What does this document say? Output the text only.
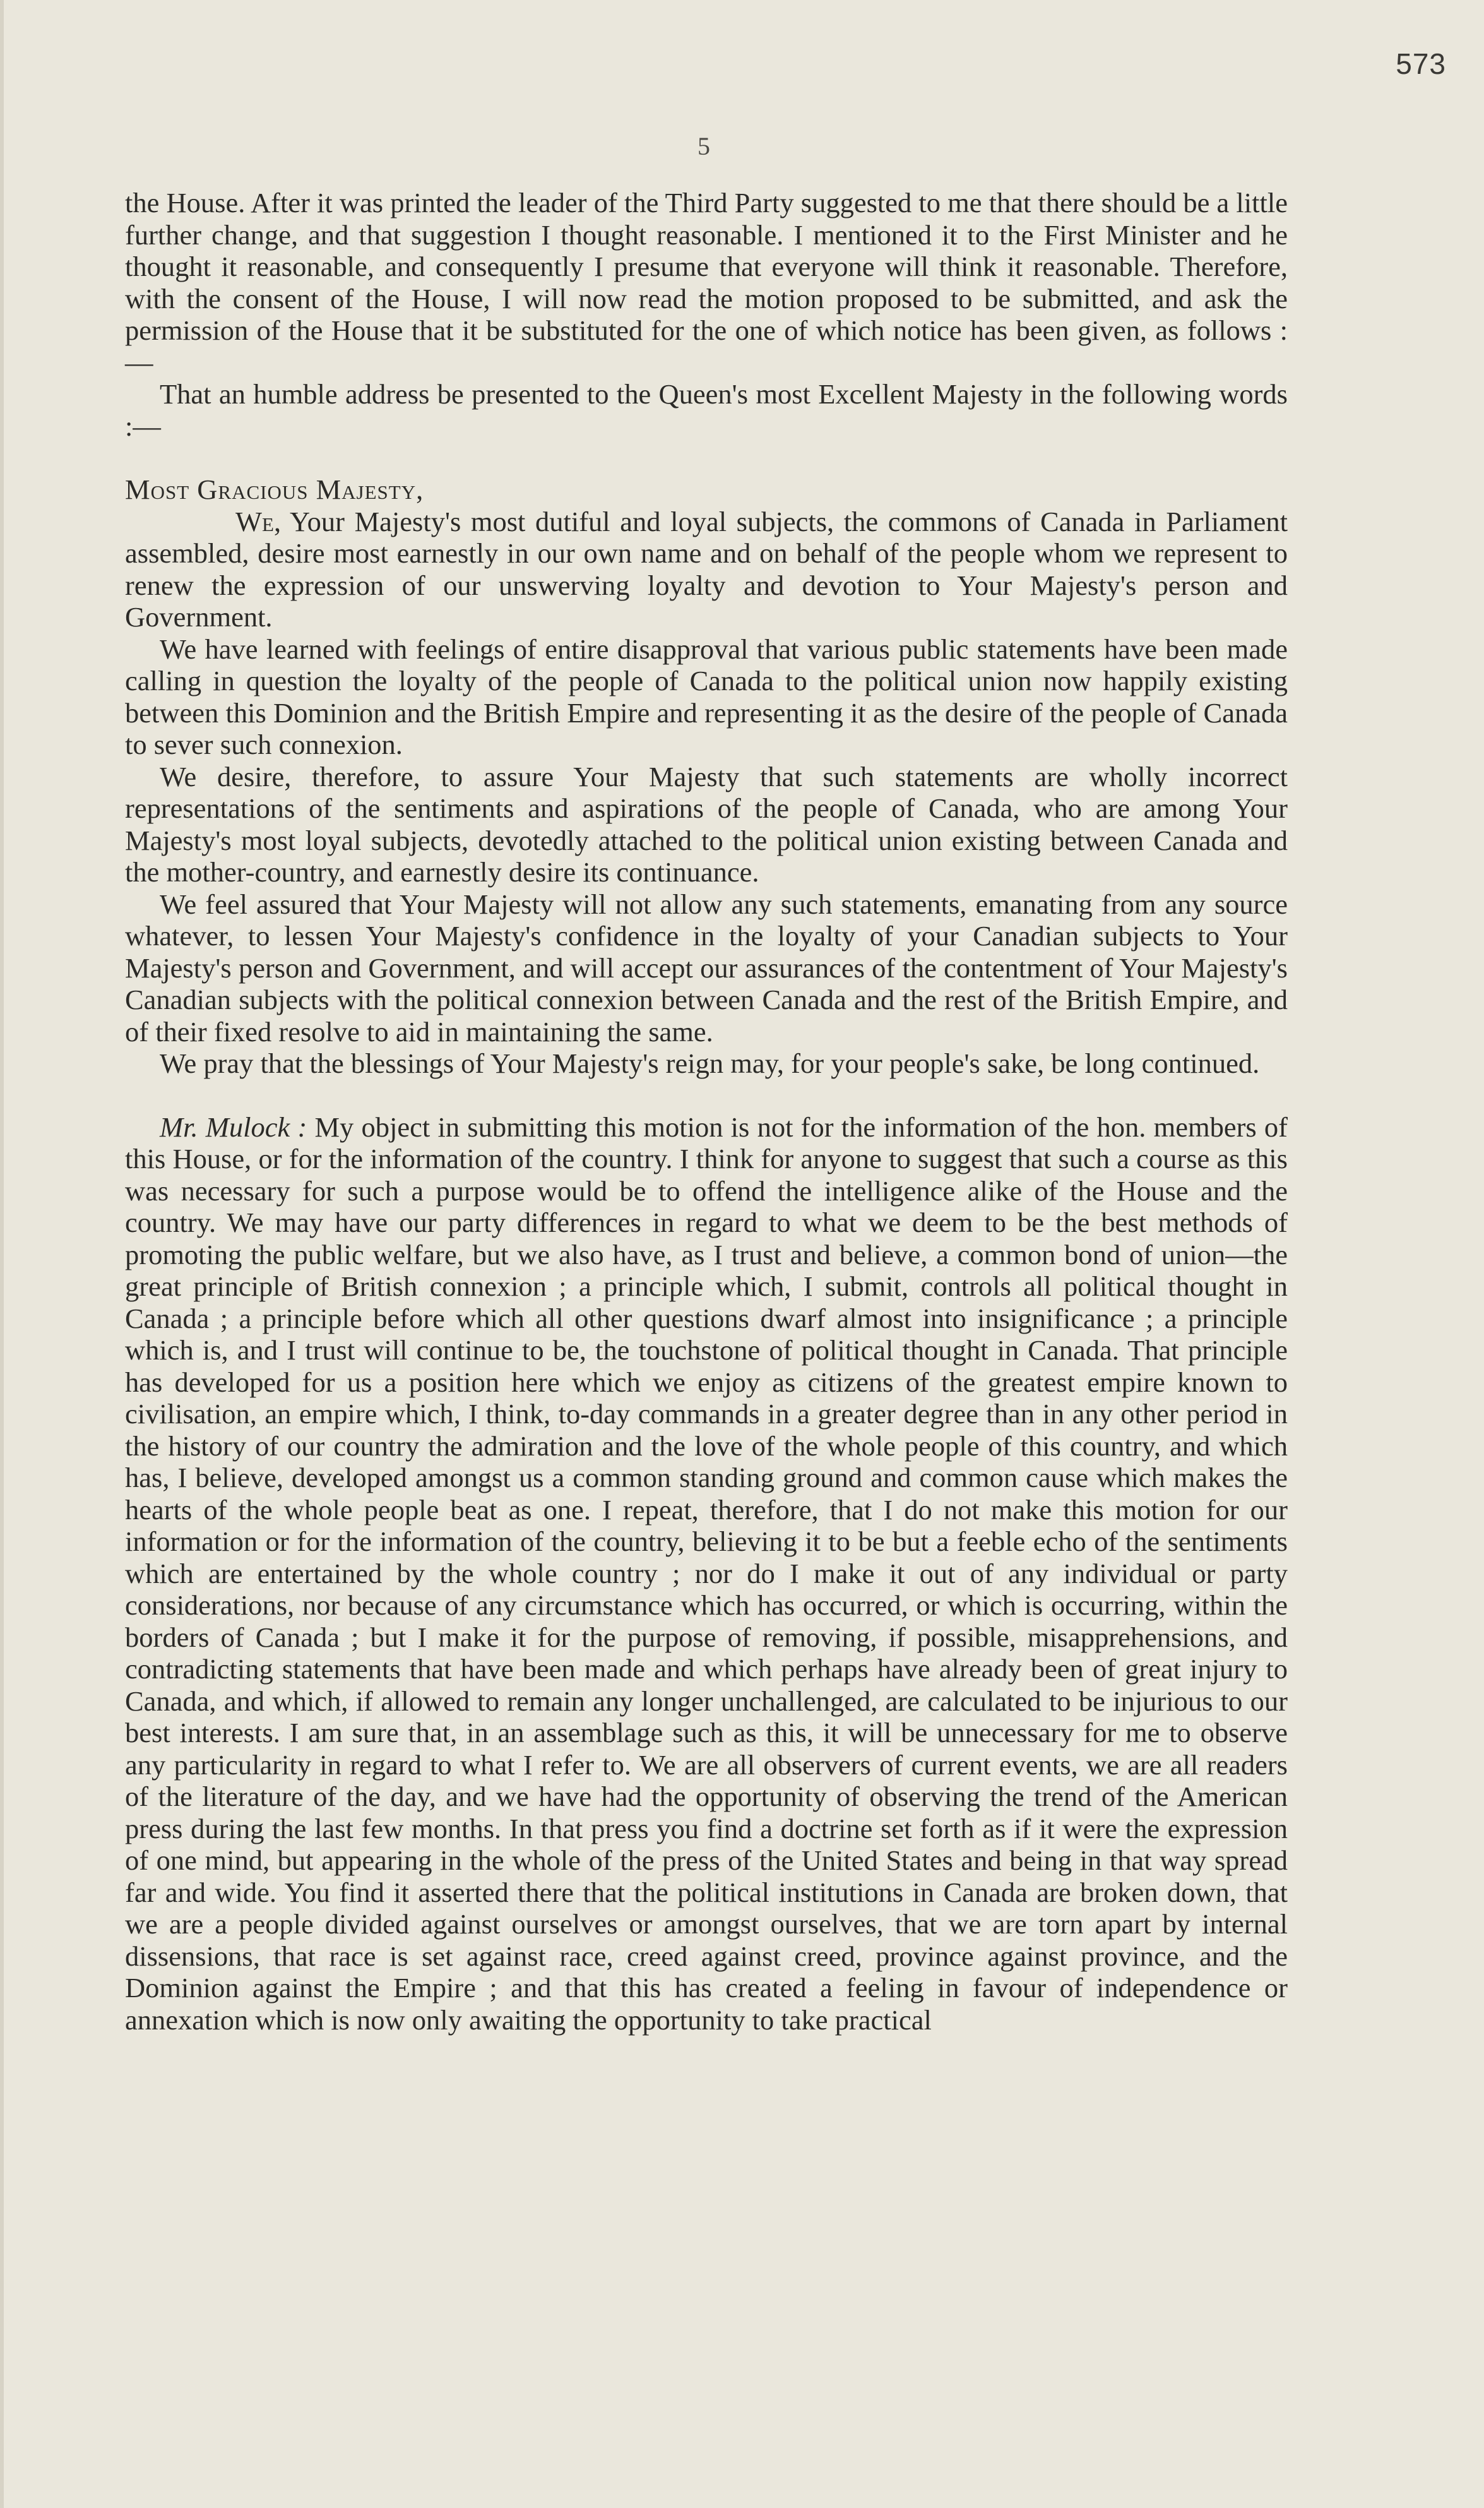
573
5

the House. After it was printed the leader of the Third Party suggested to me that there should be a little further change, and that suggestion I thought reasonable. I mentioned it to the First Minister and he thought it reasonable, and consequently I presume that everyone will think it reasonable. Therefore, with the consent of the House, I will now read the motion proposed to be submitted, and ask the permission of the House that it be substituted for the one of which notice has been given, as follows :—

That an humble address be presented to the Queen's most Excellent Majesty in the following words :—

Most Gracious Majesty,

We, Your Majesty's most dutiful and loyal subjects, the commons of Canada in Parliament assembled, desire most earnestly in our own name and on behalf of the people whom we represent to renew the expression of our unswerving loyalty and devotion to Your Majesty's person and Government.

We have learned with feelings of entire disapproval that various public statements have been made calling in question the loyalty of the people of Canada to the political union now happily existing between this Dominion and the British Empire and representing it as the desire of the people of Canada to sever such connexion.

We desire, therefore, to assure Your Majesty that such statements are wholly incorrect representations of the sentiments and aspirations of the people of Canada, who are among Your Majesty's most loyal subjects, devotedly attached to the political union existing between Canada and the mother-country, and earnestly desire its continuance.

We feel assured that Your Majesty will not allow any such statements, emanating from any source whatever, to lessen Your Majesty's confidence in the loyalty of your Canadian subjects to Your Majesty's person and Government, and will accept our assurances of the contentment of Your Majesty's Canadian subjects with the political connexion between Canada and the rest of the British Empire, and of their fixed resolve to aid in maintaining the same.

We pray that the blessings of Your Majesty's reign may, for your people's sake, be long continued.

Mr. Mulock : My object in submitting this motion is not for the information of the hon. members of this House, or for the information of the country. I think for anyone to suggest that such a course as this was necessary for such a purpose would be to offend the intelligence alike of the House and the country. We may have our party differences in regard to what we deem to be the best methods of promoting the public welfare, but we also have, as I trust and believe, a common bond of union—the great principle of British connexion ; a principle which, I submit, controls all political thought in Canada ; a principle before which all other questions dwarf almost into insignificance ; a principle which is, and I trust will continue to be, the touchstone of political thought in Canada. That principle has developed for us a position here which we enjoy as citizens of the greatest empire known to civilisation, an empire which, I think, to-day commands in a greater degree than in any other period in the history of our country the admiration and the love of the whole people of this country, and which has, I believe, developed amongst us a common standing ground and common cause which makes the hearts of the whole people beat as one. I repeat, therefore, that I do not make this motion for our information or for the information of the country, believing it to be but a feeble echo of the sentiments which are entertained by the whole country ; nor do I make it out of any individual or party considerations, nor because of any circumstance which has occurred, or which is occurring, within the borders of Canada ; but I make it for the purpose of removing, if possible, misapprehensions, and contradicting statements that have been made and which perhaps have already been of great injury to Canada, and which, if allowed to remain any longer unchallenged, are calculated to be injurious to our best interests. I am sure that, in an assemblage such as this, it will be unnecessary for me to observe any particularity in regard to what I refer to. We are all observers of current events, we are all readers of the literature of the day, and we have had the opportunity of observing the trend of the American press during the last few months. In that press you find a doctrine set forth as if it were the expression of one mind, but appearing in the whole of the press of the United States and being in that way spread far and wide. You find it asserted there that the political institutions in Canada are broken down, that we are a people divided against ourselves or amongst ourselves, that we are torn apart by internal dissensions, that race is set against race, creed against creed, province against province, and the Dominion against the Empire ; and that this has created a feeling in favour of independence or annexation which is now only awaiting the opportunity to take practical
